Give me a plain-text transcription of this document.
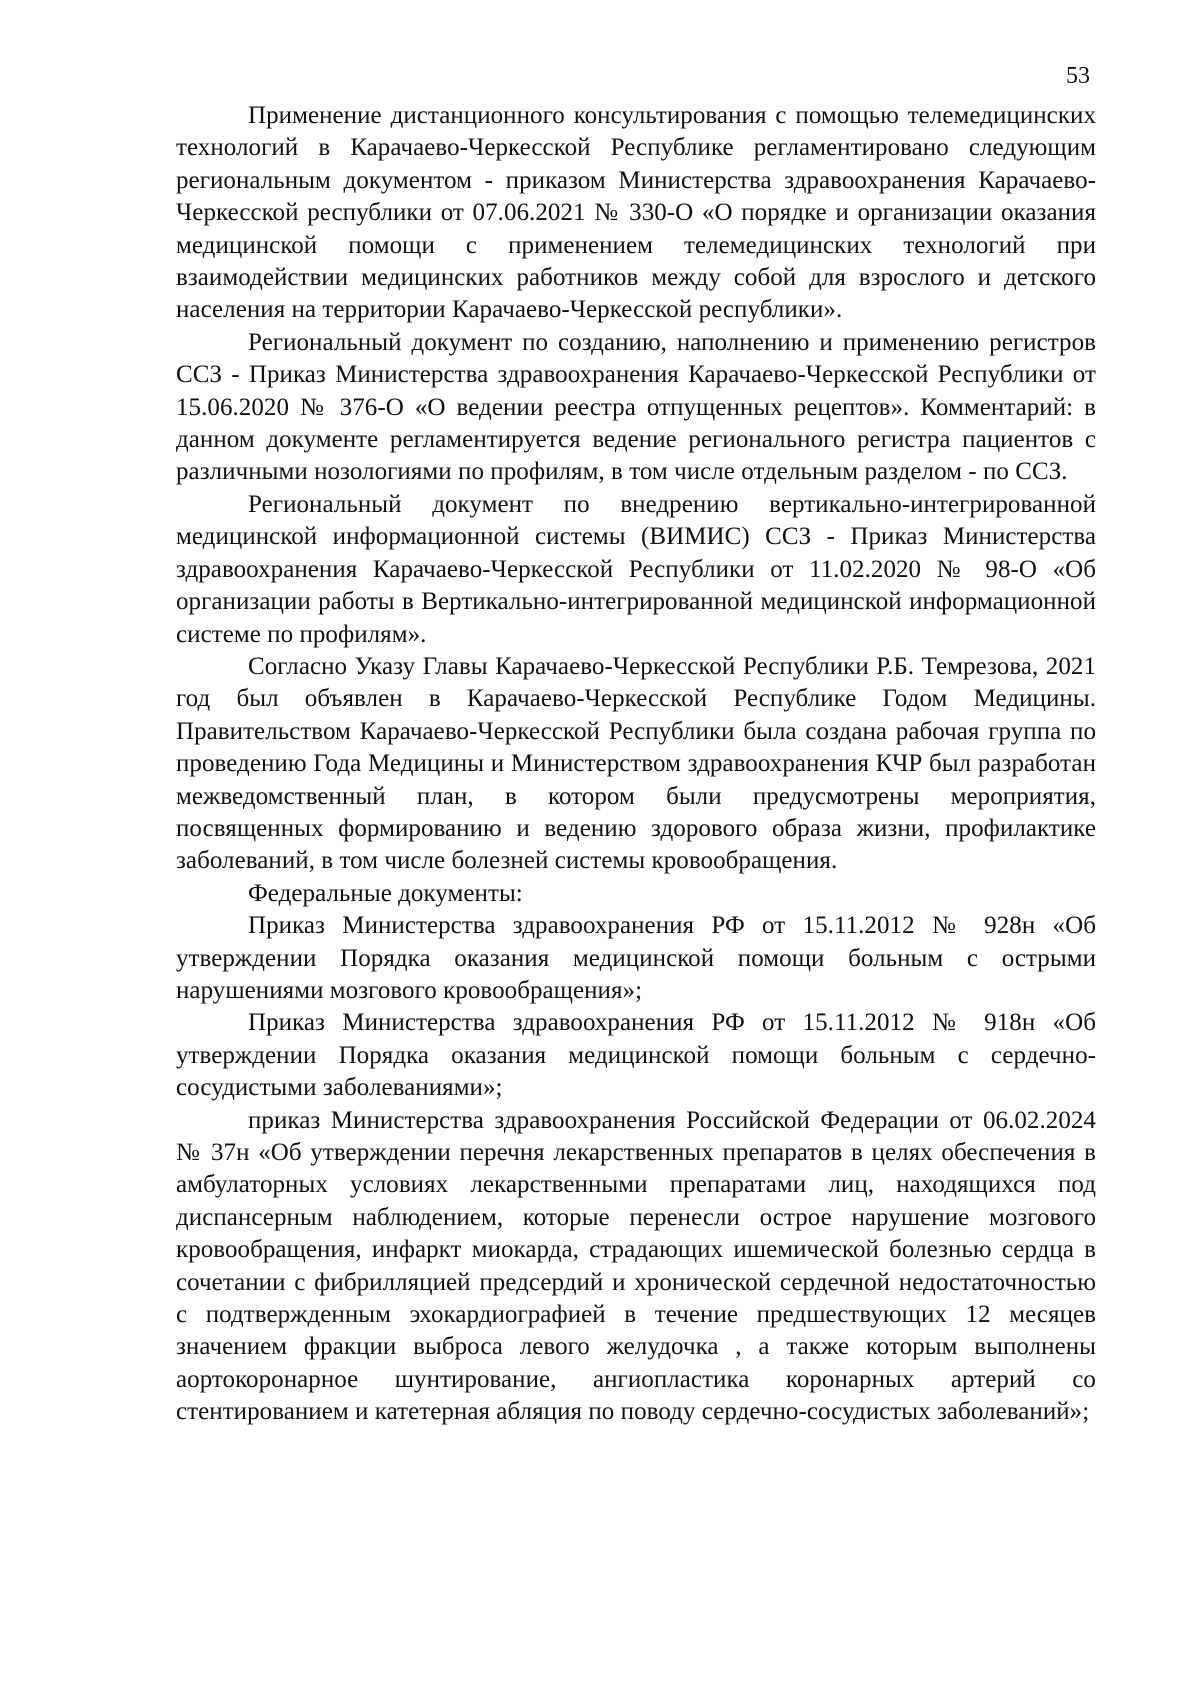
53

Применение дистанционного консультирования с помощью телемедицинских технологий в Карачаево-Черкесской Республике регламентировано следующим региональным документом - приказом Министерства здравоохранения Карачаево-Черкесской республики от 07.06.2021 № 330-О «О порядке и организации оказания медицинской помощи с применением телемедицинских технологий при взаимодействии медицинских работников между собой для взрослого и детского населения на территории Карачаево-Черкесской республики».

Региональный документ по созданию, наполнению и применению регистров ССЗ - Приказ Министерства здравоохранения Карачаево-Черкесской Республики от 15.06.2020 № 376-О «О ведении реестра отпущенных рецептов». Комментарий: в данном документе регламентируется ведение регионального регистра пациентов с различными нозологиями по профилям, в том числе отдельным разделом - по ССЗ.

Региональный документ по внедрению вертикально-интегрированной медицинской информационной системы (ВИМИС) ССЗ - Приказ Министерства здравоохранения Карачаево-Черкесской Республики от 11.02.2020 № 98-О «Об организации работы в Вертикально-интегрированной медицинской информационной системе по профилям».

Согласно Указу Главы Карачаево-Черкесской Республики Р.Б. Темрезова, 2021 год был объявлен в Карачаево-Черкесской Республике Годом Медицины. Правительством Карачаево-Черкесской Республики была создана рабочая группа по проведению Года Медицины и Министерством здравоохранения КЧР был разработан межведомственный план, в котором были предусмотрены мероприятия, посвященных формированию и ведению здорового образа жизни, профилактике заболеваний, в том числе болезней системы кровообращения.

Федеральные документы:

Приказ Министерства здравоохранения РФ от 15.11.2012 № 928н «Об утверждении Порядка оказания медицинской помощи больным с острыми нарушениями мозгового кровообращения»;

Приказ Министерства здравоохранения РФ от 15.11.2012 № 918н «Об утверждении Порядка оказания медицинской помощи больным с сердечно-сосудистыми заболеваниями»;

приказ Министерства здравоохранения Российской Федерации от 06.02.2024 № 37н «Об утверждении перечня лекарственных препаратов в целях обеспечения в амбулаторных условиях лекарственными препаратами лиц, находящихся под диспансерным наблюдением, которые перенесли острое нарушение мозгового кровообращения, инфаркт миокарда, страдающих ишемической болезнью сердца в сочетании с фибрилляцией предсердий и хронической сердечной недостаточностью с подтвержденным эхокардиографией в течение предшествующих 12 месяцев значением фракции выброса левого желудочка , а также которым выполнены аортокоронарное шунтирование, ангиопластика коронарных артерий со стентированием и катетерная абляция по поводу сердечно-сосудистых заболеваний»;
